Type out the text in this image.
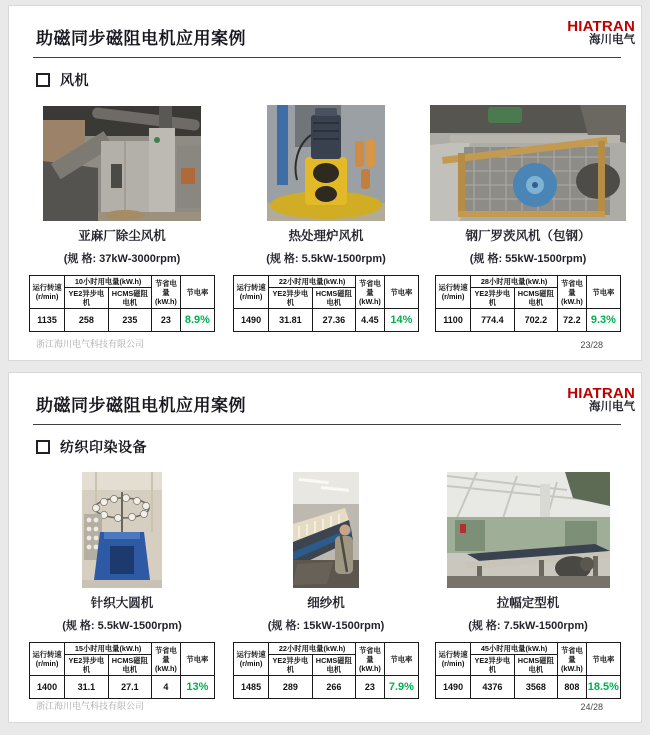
助磁同步磁阻电机应用案例
HIATRAN
海川电气
风机
亚麻厂除尘风机
(规 格: 37kW-3000rpm)
运行转速 (r/min)	10小时用电量(kW.h)		节省电量 (kW.h)	节电率
	YE2异步电机	HCMS磁阻电机		
1135	258	235	23	8.9%
热处理炉风机
(规 格: 5.5kW-1500rpm)
运行转速 (r/min)	22小时用电量(kW.h)		节省电量 (kW.h)	节电率
	YE2异步电机	HCMS磁阻电机		
1490	31.81	27.36	4.45	14%
钢厂罗茨风机（包钢）
(规 格: 55kW-1500rpm)
运行转速 (r/min)	28小时用电量(kW.h)		节省电量 (kW.h)	节电率
	YE2异步电机	HCMS磁阻电机		
1100	774.4	702.2	72.2	9.3%
浙江海川电气科技有限公司	23/28
助磁同步磁阻电机应用案例
HIATRAN
海川电气
纺织印染设备
针织大圆机
(规 格: 5.5kW-1500rpm)
运行转速 (r/min)	15小时用电量(kW.h)		节省电量 (kW.h)	节电率
	YE2异步电机	HCMS磁阻电机		
1400	31.1	27.1	4	13%
细纱机
(规 格: 15kW-1500rpm)
运行转速 (r/min)	22小时用电量(kW.h)		节省电量 (kW.h)	节电率
	YE2异步电机	HCMS磁阻电机		
1485	289	266	23	7.9%
拉幅定型机
(规 格: 7.5kW-1500rpm)
运行转速 (r/min)	45小时用电量(kW.h)		节省电量 (kW.h)	节电率
	YE2异步电机	HCMS磁阻电机		
1490	4376	3568	808	18.5%
浙江海川电气科技有限公司	24/28
